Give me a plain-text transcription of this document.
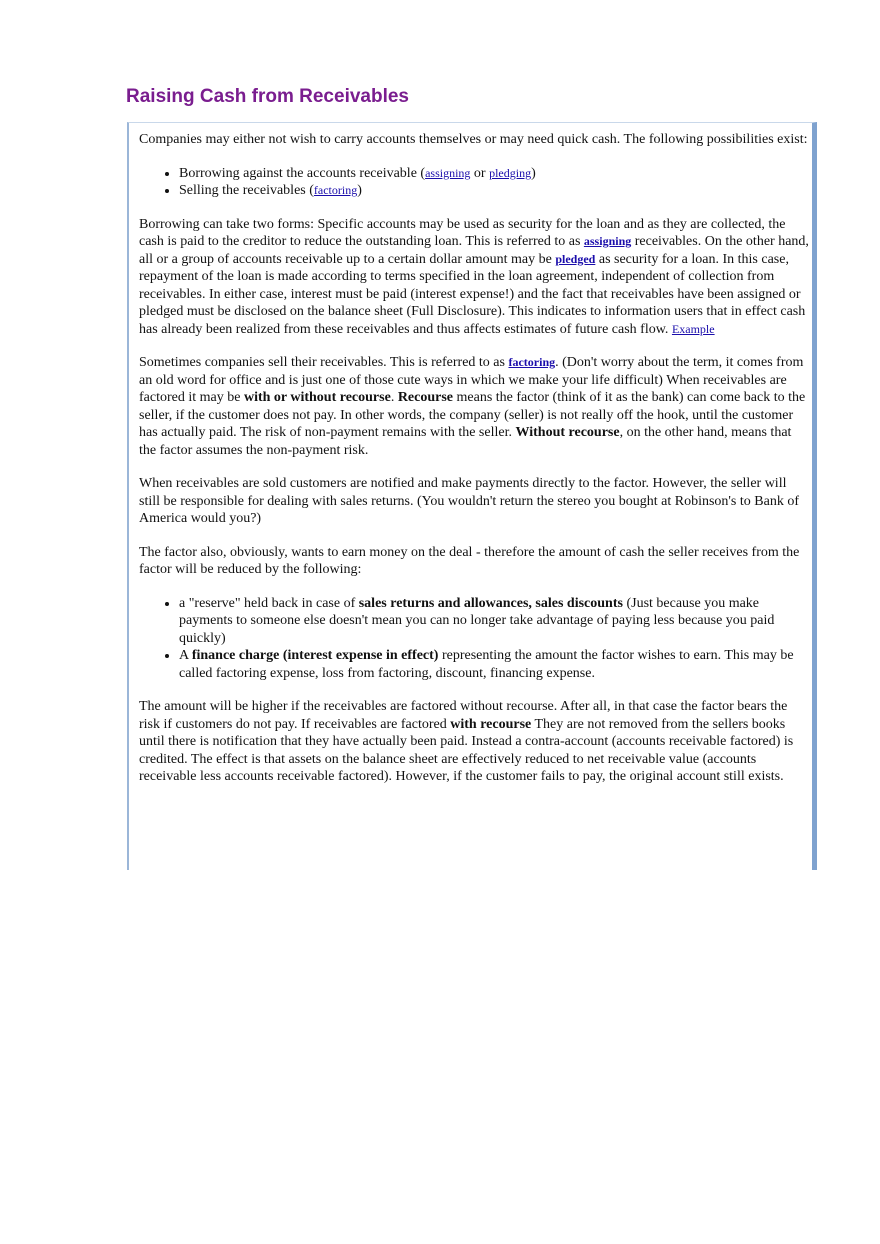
Raising Cash from Receivables

Companies may either not wish to carry accounts themselves or may need quick cash. The following possibilities exist:

• Borrowing against the accounts receivable (assigning or pledging)
• Selling the receivables (factoring)

Borrowing can take two forms: Specific accounts may be used as security for the loan and as they are collected, the cash is paid to the creditor to reduce the outstanding loan. This is referred to as assigning receivables. On the other hand, all or a group of accounts receivable up to a certain dollar amount may be pledged as security for a loan. In this case, repayment of the loan is made according to terms specified in the loan agreement, independent of collection from receivables. In either case, interest must be paid (interest expense!) and the fact that receivables have been assigned or pledged must be disclosed on the balance sheet (Full Disclosure). This indicates to information users that in effect cash has already been realized from these receivables and thus affects estimates of future cash flow. Example

Sometimes companies sell their receivables. This is referred to as factoring. (Don't worry about the term, it comes from an old word for office and is just one of those cute ways in which we make your life difficult) When receivables are factored it may be with or without recourse. Recourse means the factor (think of it as the bank) can come back to the seller, if the customer does not pay. In other words, the company (seller) is not really off the hook, until the customer has actually paid. The risk of non-payment remains with the seller. Without recourse, on the other hand, means that the factor assumes the non-payment risk.

When receivables are sold customers are notified and make payments directly to the factor. However, the seller will still be responsible for dealing with sales returns. (You wouldn't return the stereo you bought at Robinson's to Bank of America would you?)

The factor also, obviously, wants to earn money on the deal - therefore the amount of cash the seller receives from the factor will be reduced by the following:

• a "reserve" held back in case of sales returns and allowances, sales discounts (Just because you make payments to someone else doesn't mean you can no longer take advantage of paying less because you paid quickly)
• A finance charge (interest expense in effect) representing the amount the factor wishes to earn. This may be called factoring expense, loss from factoring, discount, financing expense.

The amount will be higher if the receivables are factored without recourse. After all, in that case the factor bears the risk if customers do not pay. If receivables are factored with recourse They are not removed from the sellers books until there is notification that they have actually been paid. Instead a contra-account (accounts receivable factored) is credited. The effect is that assets on the balance sheet are effectively reduced to net receivable value (accounts receivable less accounts receivable factored). However, if the customer fails to pay, the original account still exists.
